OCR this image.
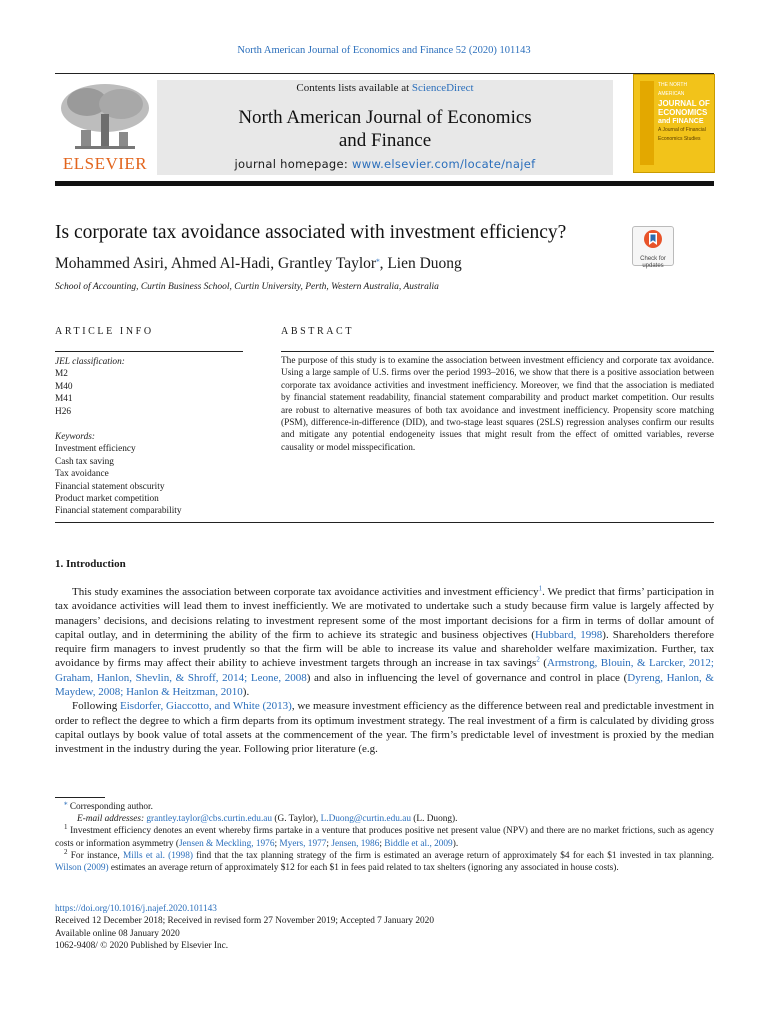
North American Journal of Economics and Finance 52 (2020) 101143
ELSEVIER
Contents lists available at ScienceDirect
North American Journal of Economics
and Finance
journal homepage: www.elsevier.com/locate/najef
THE NORTH AMERICAN
JOURNAL OF
ECONOMICS
and FINANCE
A Journal of Financial
Economics Studies
Is corporate tax avoidance associated with investment efficiency?
Check for
updates
Mohammed Asiri, Ahmed Al-Hadi, Grantley Taylor⁎, Lien Duong
School of Accounting, Curtin Business School, Curtin University, Perth, Western Australia, Australia
ARTICLE INFO	ABSTRACT
JEL classification:
M2
M40
M41
H26
Keywords:
Investment efficiency
Cash tax saving
Tax avoidance
Financial statement obscurity
Product market competition
Financial statement comparability
The purpose of this study is to examine the association between investment efficiency and corporate tax avoidance. Using a large sample of U.S. firms over the period 1993–2016, we show that there is a positive association between corporate tax avoidance activities and investment inefficiency. Moreover, we find that the association is mediated by financial statement readability, financial statement comparability and product market competition. Our results are robust to alternative measures of both tax avoidance and investment inefficiency. Propensity score matching (PSM), difference-in-difference (DID), and two-stage least squares (2SLS) regression analyses confirm our results and mitigate any potential endogeneity issues that might result from the effect of omitted variables, reverse causality or model misspecification.
1. Introduction

This study examines the association between corporate tax avoidance activities and investment efficiency$^1$. We predict that firms’ participation in tax avoidance activities will lead them to invest inefficiently. We are motivated to undertake such a study because firm value is largely affected by managers’ decisions, and decisions relating to investment represent some of the most important decisions for a firm in terms of dollar amount of capital outlay, and in determining the ability of the firm to achieve its strategic and business objectives (Hubbard, 1998). Shareholders therefore require firm managers to invest prudently so that the firm will be able to increase its value and shareholder welfare maximization. Further, tax avoidance by firms may affect their ability to achieve investment targets through an increase in tax savings$^2$ (Armstrong, Blouin, & Larcker, 2012; Graham, Hanlon, Shevlin, & Shroff, 2014; Leone, 2008) and also in influencing the level of governance and control in place (Dyreng, Hanlon, & Maydew, 2008; Hanlon & Heitzman, 2010).

Following Eisdorfer, Giaccotto, and White (2013), we measure investment efficiency as the difference between real and predictable investment in order to reflect the degree to which a firm departs from its optimum investment strategy. The real investment of a firm is calculated by dividing gross capital outlays by book value of total assets at the commencement of the year. The firm’s predictable level of investment is proxied by the median investment in the industry during the year. Following prior literature (e.g.

⁎ Corresponding author.

E-mail addresses: grantley.taylor@cbs.curtin.edu.au (G. Taylor), L.Duong@curtin.edu.au (L. Duong).

$^1$ Investment efficiency denotes an event whereby firms partake in a venture that produces positive net present value (NPV) and there are no market frictions, such as agency costs or information asymmetry (Jensen & Meckling, 1976; Myers, 1977; Jensen, 1986; Biddle et al., 2009).

$^2$ For instance, Mills et al. (1998) find that the tax planning strategy of the firm is estimated an average return of approximately $4 for each $1 invested in tax planning. Wilson (2009) estimates an average return of approximately $12 for each $1 in fees paid related to tax shelters (ignoring any associated in house costs).

https://doi.org/10.1016/j.najef.2020.101143
Received 12 December 2018; Received in revised form 27 November 2019; Accepted 7 January 2020
Available online 08 January 2020
1062-9408/ © 2020 Published by Elsevier Inc.
